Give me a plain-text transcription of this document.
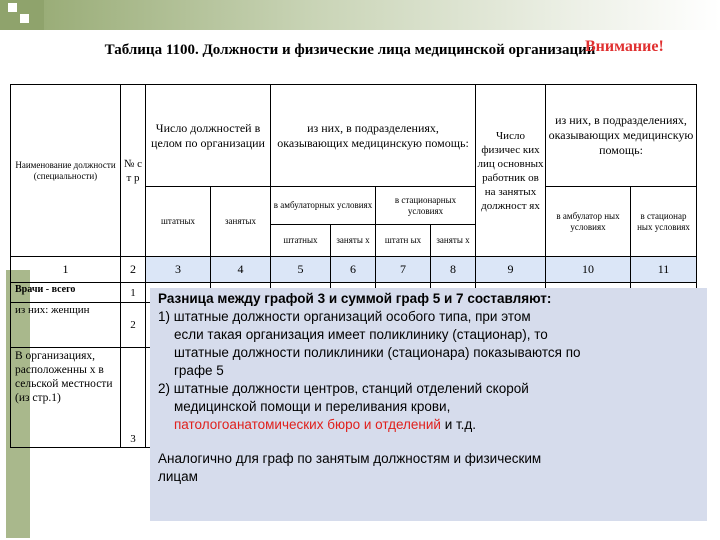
Таблица 1100. Должности и физические лица медицинской организации
Внимание!
Наименование должности (специальности)	№ с т р	Число должностей в целом по организации		из них, в подразделениях, оказывающих медицинскую помощь:				Число физичес ких лиц основных работник ов на занятых должност ях	из них, в подразделениях, оказывающих медицинскую помощь:	
		штатных	занятых	в амбулаторных условиях		в стационарных условиях			в амбулатор ных условиях	в стационар ных условиях
				штатных	заняты х	штатн ых	заняты х			
1	2	3	4	5	6	7	8	9	10	11
Врачи - всего	1									
из них: женщин	2									
В организациях, расположенны х в сельской местности (из стр.1)	3									

Разница между графой 3 и суммой граф 5 и 7 составляют:

1) штатные должности организаций особого типа, при этом

если такая организация имеет поликлинику (стационар), то

штатные должности поликлиники (стационара) показываются по

графе 5

2) штатные должности центров, станций отделений скорой

медицинской помощи и переливания крови,

патологоанатомических бюро и отделений и т.д.

Аналогично для граф по занятым должностям и физическим

лицам
